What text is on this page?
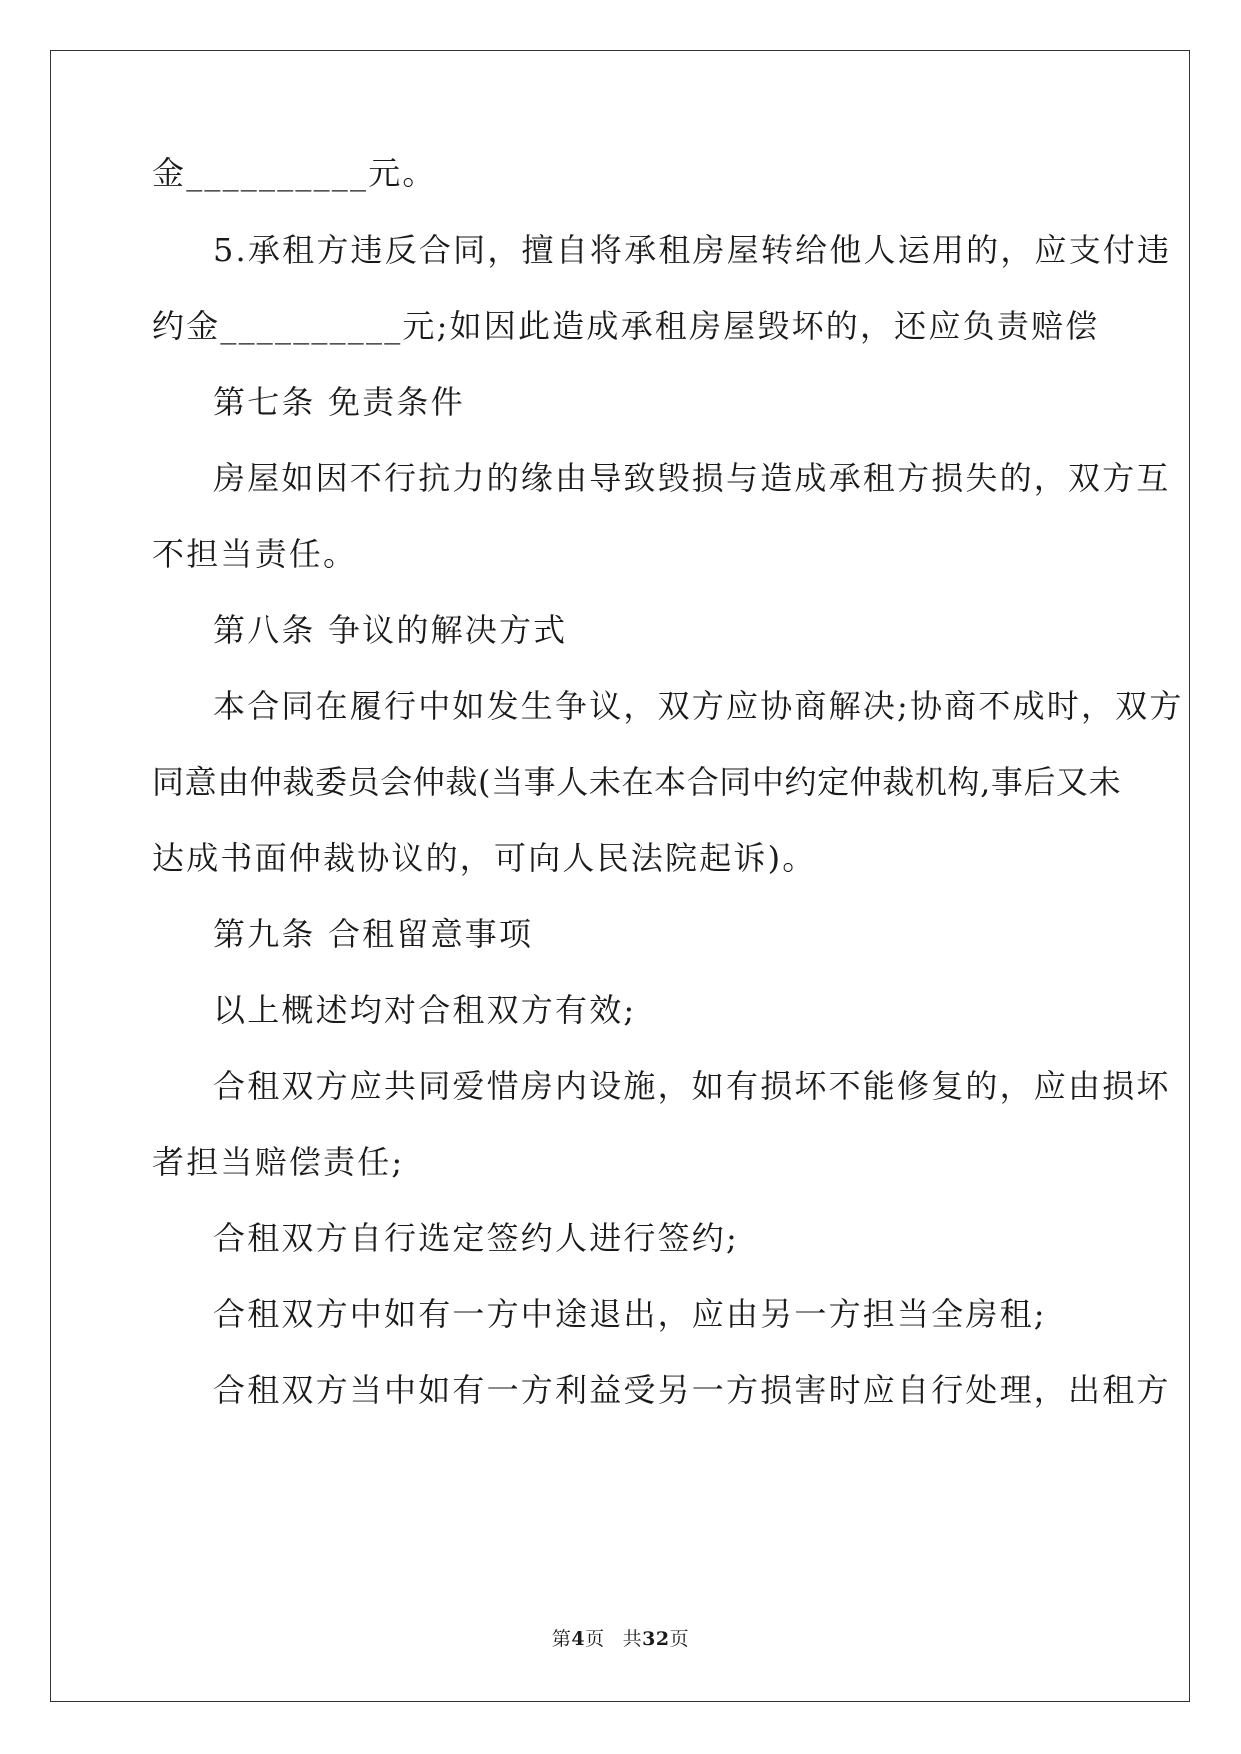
金__________元。
5.承租方违反合同，擅自将承租房屋转给他人运用的，应支付违
约金__________元;如因此造成承租房屋毁坏的，还应负责赔偿
第七条 免责条件
房屋如因不行抗力的缘由导致毁损与造成承租方损失的，双方互
不担当责任。
第八条 争议的解决方式
本合同在履行中如发生争议，双方应协商解决;协商不成时，双方
同意由仲裁委员会仲裁(当事人未在本合同中约定仲裁机构,事后又未
达成书面仲裁协议的，可向人民法院起诉)。
第九条 合租留意事项
以上概述均对合租双方有效;
合租双方应共同爱惜房内设施，如有损坏不能修复的，应由损坏
者担当赔偿责任;
合租双方自行选定签约人进行签约;
合租双方中如有一方中途退出，应由另一方担当全房租;
合租双方当中如有一方利益受另一方损害时应自行处理，出租方
第4页 共32页
